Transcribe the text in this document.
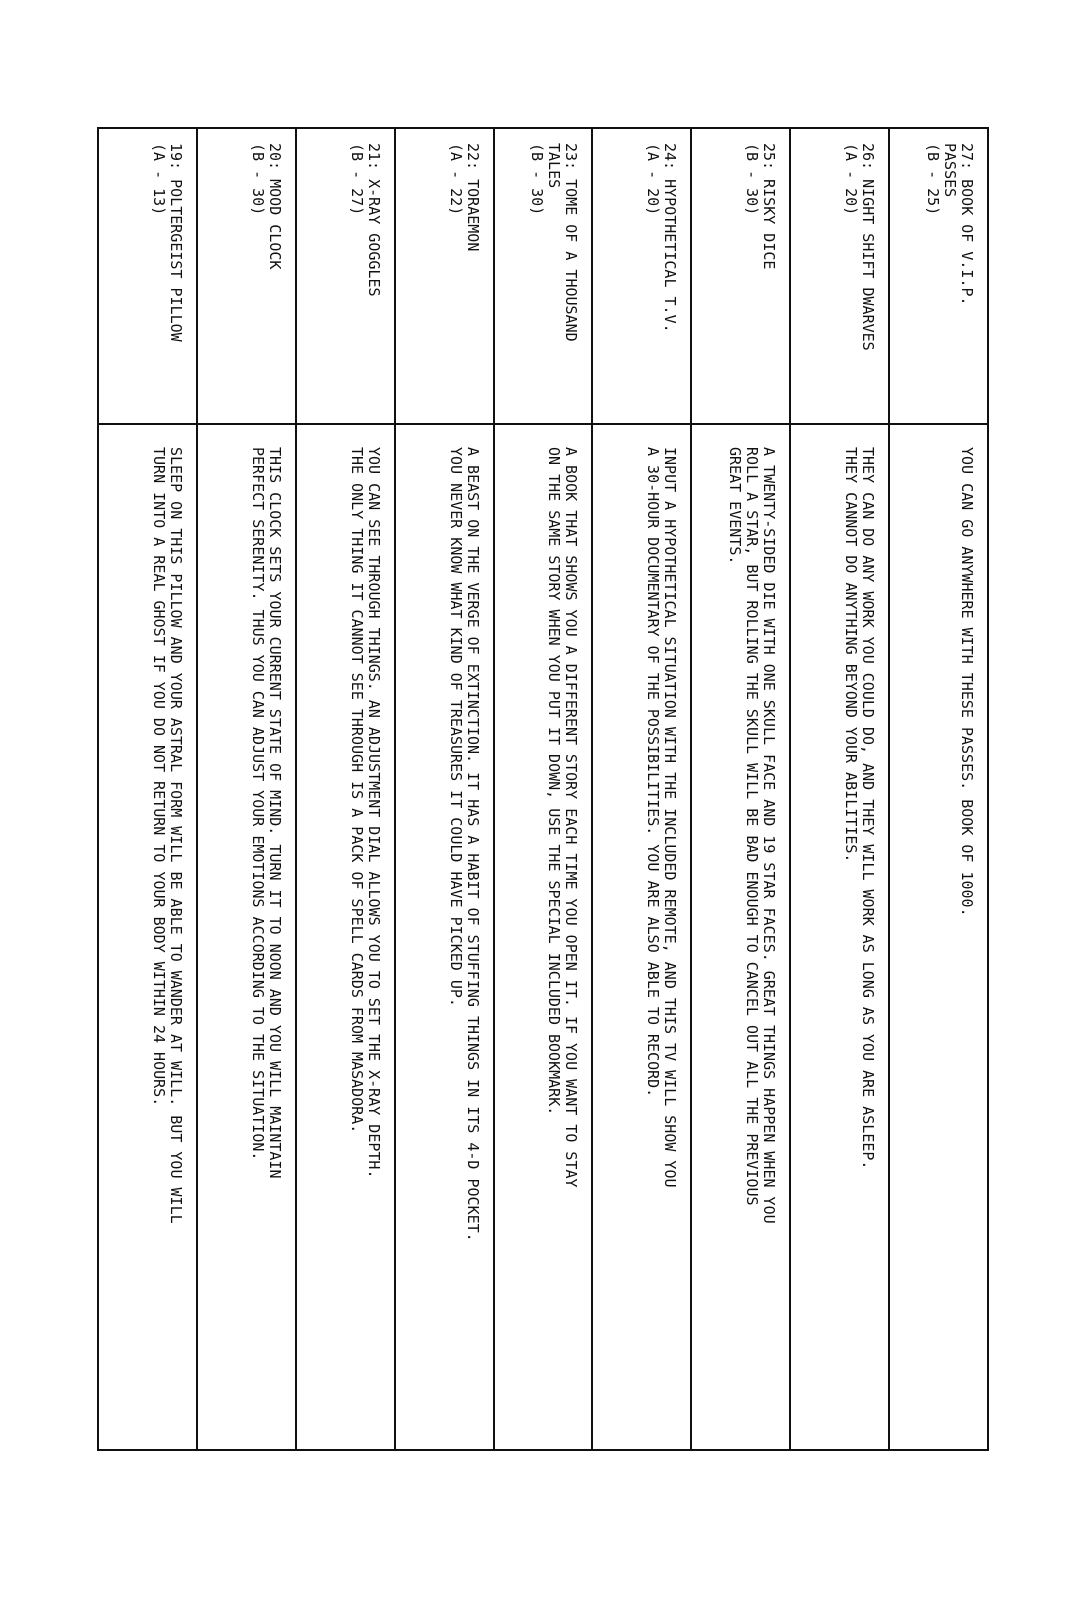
19: POLTERGEIST PILLOW
(A - 13)
SLEEP ON THIS PILLOW AND YOUR ASTRAL FORM WILL BE ABLE TO WANDER AT WILL. BUT YOU WILL
TURN INTO A REAL GHOST IF YOU DO NOT RETURN TO YOUR BODY WITHIN 24 HOURS.
20: MOOD CLOCK
(B - 30)
THIS CLOCK SETS YOUR CURRENT STATE OF MIND. TURN IT TO NOON AND YOU WILL MAINTAIN
PERFECT SERENITY. THUS YOU CAN ADJUST YOUR EMOTIONS ACCORDING TO THE SITUATION.
21: X-RAY GOGGLES
(B - 27)
YOU CAN SEE THROUGH THINGS. AN ADJUSTMENT DIAL ALLOWS YOU TO SET THE X-RAY DEPTH.
THE ONLY THING IT CANNOT SEE THROUGH IS A PACK OF SPELL CARDS FROM MASADORA.
22: TORAEMON
(A - 22)
A BEAST ON THE VERGE OF EXTINCTION. IT HAS A HABIT OF STUFFING THINGS IN ITS 4-D POCKET.
YOU NEVER KNOW WHAT KIND OF TREASURES IT COULD HAVE PICKED UP.
23: TOME OF A THOUSAND
TALES
(B - 30)
A BOOK THAT SHOWS YOU A DIFFERENT STORY EACH TIME YOU OPEN IT. IF YOU WANT TO STAY
ON THE SAME STORY WHEN YOU PUT IT DOWN, USE THE SPECIAL INCLUDED BOOKMARK.
24: HYPOTHETICAL T.V.
(A - 20)
INPUT A HYPOTHETICAL SITUATION WITH THE INCLUDED REMOTE, AND THIS TV WILL SHOW YOU
A 30-HOUR DOCUMENTARY OF THE POSSIBILITIES. YOU ARE ALSO ABLE TO RECORD.
25: RISKY DICE
(B - 30)
A TWENTY-SIDED DIE WITH ONE SKULL FACE AND 19 STAR FACES. GREAT THINGS HAPPEN WHEN YOU
ROLL A STAR, BUT ROLLING THE SKULL WILL BE BAD ENOUGH TO CANCEL OUT ALL THE PREVIOUS
GREAT EVENTS.
26: NIGHT SHIFT DWARVES
(A - 20)
THEY CAN DO ANY WORK YOU COULD DO, AND THEY WILL WORK AS LONG AS YOU ARE ASLEEP.
THEY CANNOT DO ANYTHING BEYOND YOUR ABILITIES.
27: BOOK OF V.I.P.
PASSES
(B - 25)
YOU CAN GO ANYWHERE WITH THESE PASSES. BOOK OF 1000.
